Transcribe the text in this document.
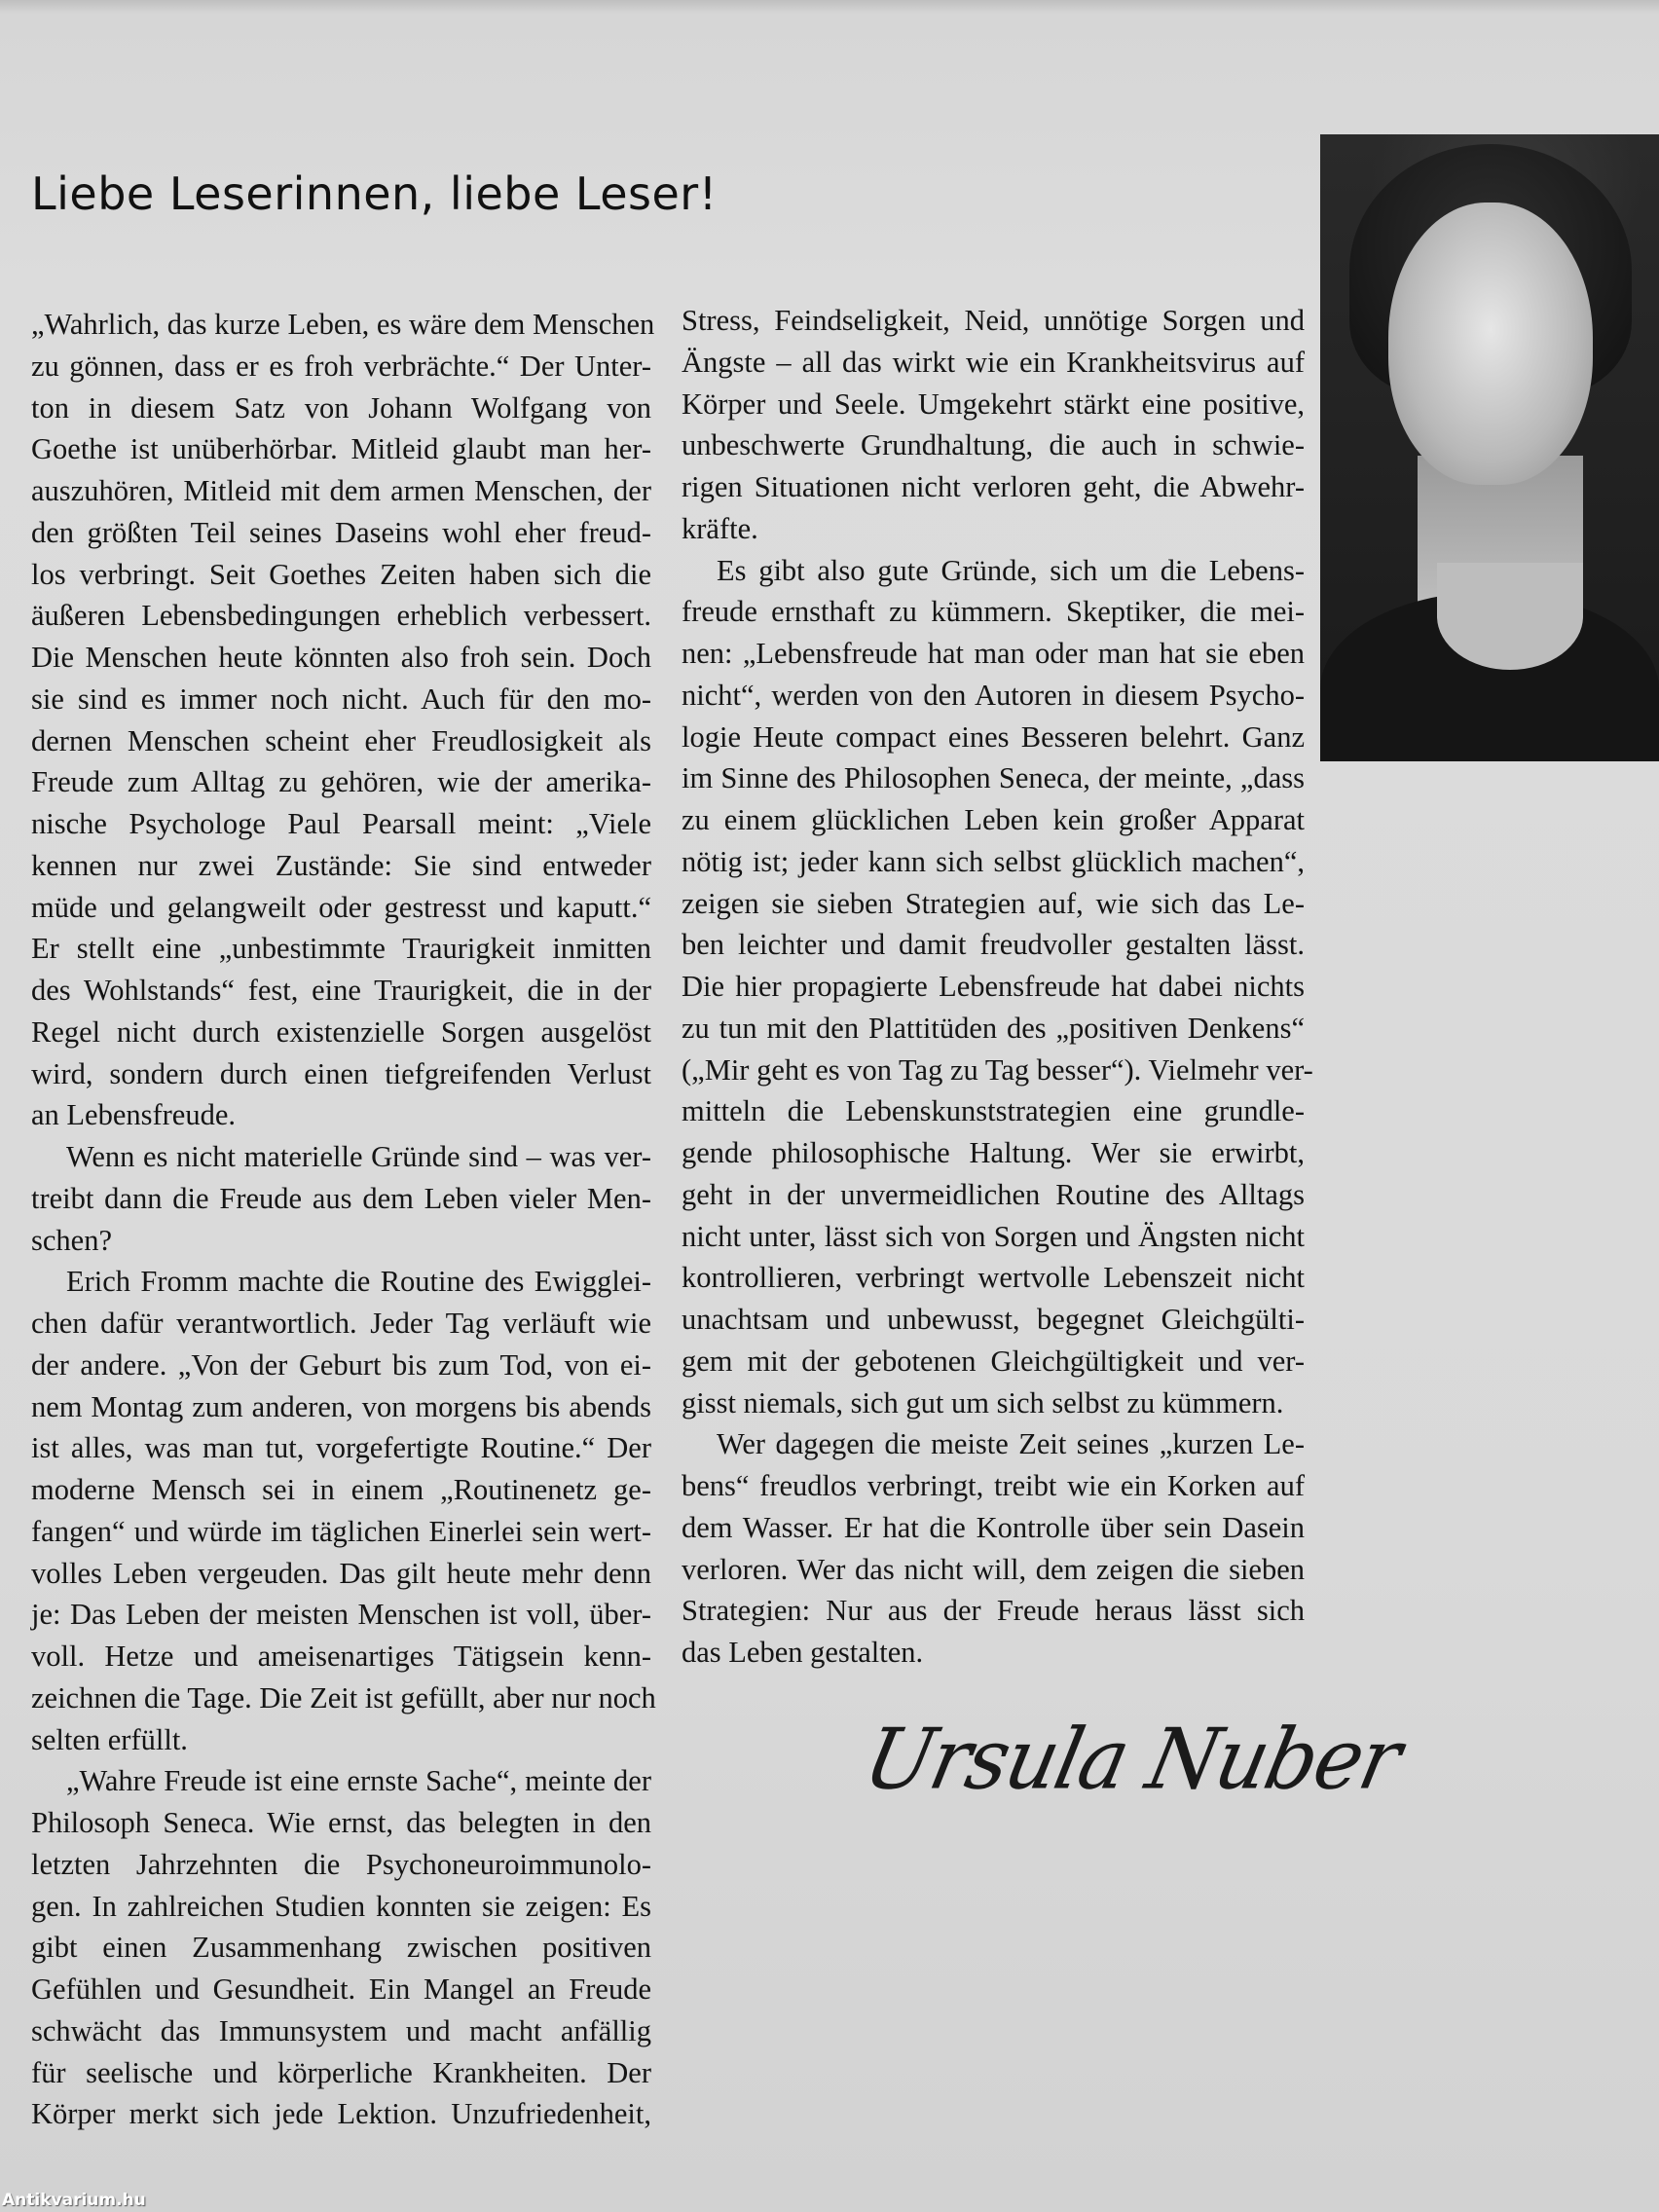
Liebe Leserinnen, liebe Leser!
„Wahrlich, das kurze Leben, es wäre dem Menschen
zu gönnen, dass er es froh verbrächte.“ Der Unter-
ton in diesem Satz von Johann Wolfgang von
Goethe ist unüberhörbar. Mitleid glaubt man her-
auszuhören, Mitleid mit dem armen Menschen, der
den größten Teil seines Daseins wohl eher freud-
los verbringt. Seit Goethes Zeiten haben sich die
äußeren Lebensbedingungen erheblich verbessert.
Die Menschen heute könnten also froh sein. Doch
sie sind es immer noch nicht. Auch für den mo-
dernen Menschen scheint eher Freudlosigkeit als
Freude zum Alltag zu gehören, wie der amerika-
nische Psychologe Paul Pearsall meint: „Viele
kennen nur zwei Zustände: Sie sind entweder
müde und gelangweilt oder gestresst und kaputt.“
Er stellt eine „unbestimmte Traurigkeit inmitten
des Wohlstands“ fest, eine Traurigkeit, die in der
Regel nicht durch existenzielle Sorgen ausgelöst
wird, sondern durch einen tiefgreifenden Verlust
an Lebensfreude.
Wenn es nicht materielle Gründe sind – was ver-
treibt dann die Freude aus dem Leben vieler Men-
schen?
Erich Fromm machte die Routine des Ewigglei-
chen dafür verantwortlich. Jeder Tag verläuft wie
der andere. „Von der Geburt bis zum Tod, von ei-
nem Montag zum anderen, von morgens bis abends
ist alles, was man tut, vorgefertigte Routine.“ Der
moderne Mensch sei in einem „Routinenetz ge-
fangen“ und würde im täglichen Einerlei sein wert-
volles Leben vergeuden. Das gilt heute mehr denn
je: Das Leben der meisten Menschen ist voll, über-
voll. Hetze und ameisenartiges Tätigsein kenn-
zeichnen die Tage. Die Zeit ist gefüllt, aber nur noch
selten erfüllt.
„Wahre Freude ist eine ernste Sache“, meinte der
Philosoph Seneca. Wie ernst, das belegten in den
letzten Jahrzehnten die Psychoneuroimmunolo-
gen. In zahlreichen Studien konnten sie zeigen: Es
gibt einen Zusammenhang zwischen positiven
Gefühlen und Gesundheit. Ein Mangel an Freude
schwächt das Immunsystem und macht anfällig
für seelische und körperliche Krankheiten. Der
Körper merkt sich jede Lektion. Unzufriedenheit,
Stress, Feindseligkeit, Neid, unnötige Sorgen und
Ängste – all das wirkt wie ein Krankheitsvirus auf
Körper und Seele. Umgekehrt stärkt eine positive,
unbeschwerte Grundhaltung, die auch in schwie-
rigen Situationen nicht verloren geht, die Abwehr-
kräfte.
Es gibt also gute Gründe, sich um die Lebens-
freude ernsthaft zu kümmern. Skeptiker, die mei-
nen: „Lebensfreude hat man oder man hat sie eben
nicht“, werden von den Autoren in diesem Psycho-
logie Heute compact eines Besseren belehrt. Ganz
im Sinne des Philosophen Seneca, der meinte, „dass
zu einem glücklichen Leben kein großer Apparat
nötig ist; jeder kann sich selbst glücklich machen“,
zeigen sie sieben Strategien auf, wie sich das Le-
ben leichter und damit freudvoller gestalten lässt.
Die hier propagierte Lebensfreude hat dabei nichts
zu tun mit den Plattitüden des „positiven Denkens“
(„Mir geht es von Tag zu Tag besser“). Vielmehr ver-
mitteln die Lebenskunststrategien eine grundle-
gende philosophische Haltung. Wer sie erwirbt,
geht in der unvermeidlichen Routine des Alltags
nicht unter, lässt sich von Sorgen und Ängsten nicht
kontrollieren, verbringt wertvolle Lebenszeit nicht
unachtsam und unbewusst, begegnet Gleichgülti-
gem mit der gebotenen Gleichgültigkeit und ver-
gisst niemals, sich gut um sich selbst zu kümmern.
Wer dagegen die meiste Zeit seines „kurzen Le-
bens“ freudlos verbringt, treibt wie ein Korken auf
dem Wasser. Er hat die Kontrolle über sein Dasein
verloren. Wer das nicht will, dem zeigen die sieben
Strategien: Nur aus der Freude heraus lässt sich
das Leben gestalten.
Ursula Nuber
Antikvarium.hu
